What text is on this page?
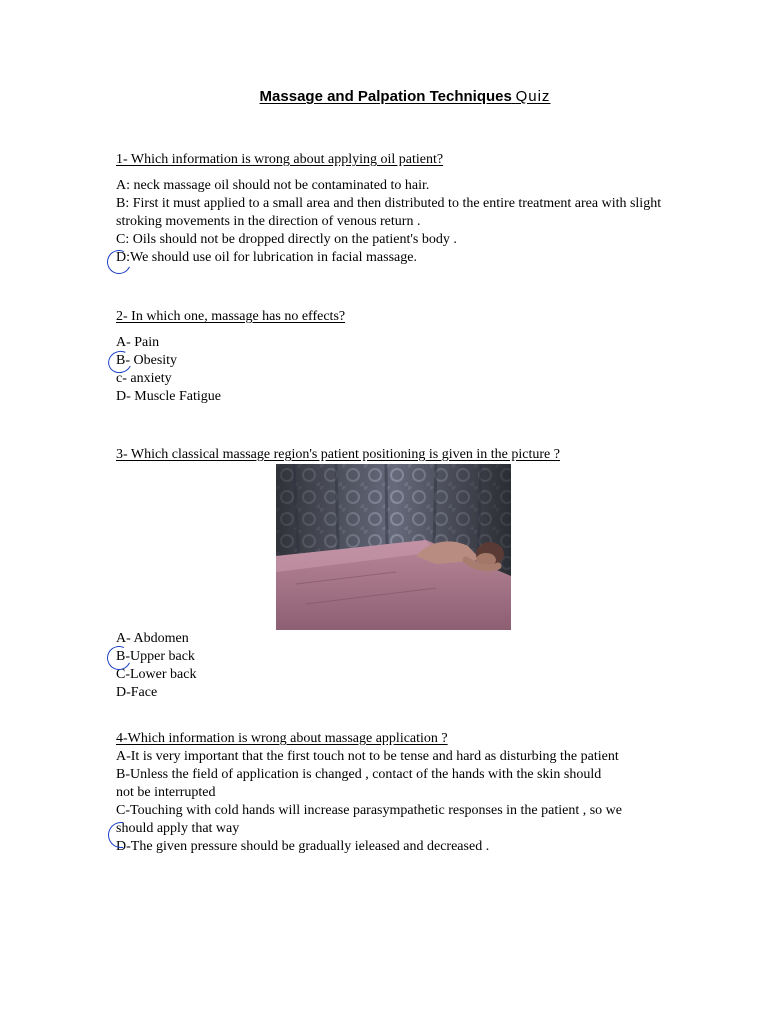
Massage and Palpation Techniques Quiz
1- Which information is wrong about applying oil patient?
A: neck massage oil should not be contaminated to hair.
B: First it must applied to a small area and then distributed to the entire treatment area with slight stroking movements in the direction of venous return .
C: Oils should not be dropped directly on the patient's body .
D:We should use oil for lubrication in facial massage.
2- In which one, massage has no effects?
A- Pain
B- Obesity
c- anxiety
D- Muscle Fatigue
3- Which classical massage region's patient positioning is given in the picture ?
A- Abdomen
B-Upper back
C-Lower back
D-Face
4-Which information is wrong about massage application ?
A-It is very important that the first touch not to be tense and hard as disturbing the patient
B-Unless the field of application is changed , contact of the hands with the skin should not be interrupted
C-Touching with cold hands will increase parasympathetic responses in the patient , so we should apply that way
D-The given pressure should be gradually ieleased and decreased .
